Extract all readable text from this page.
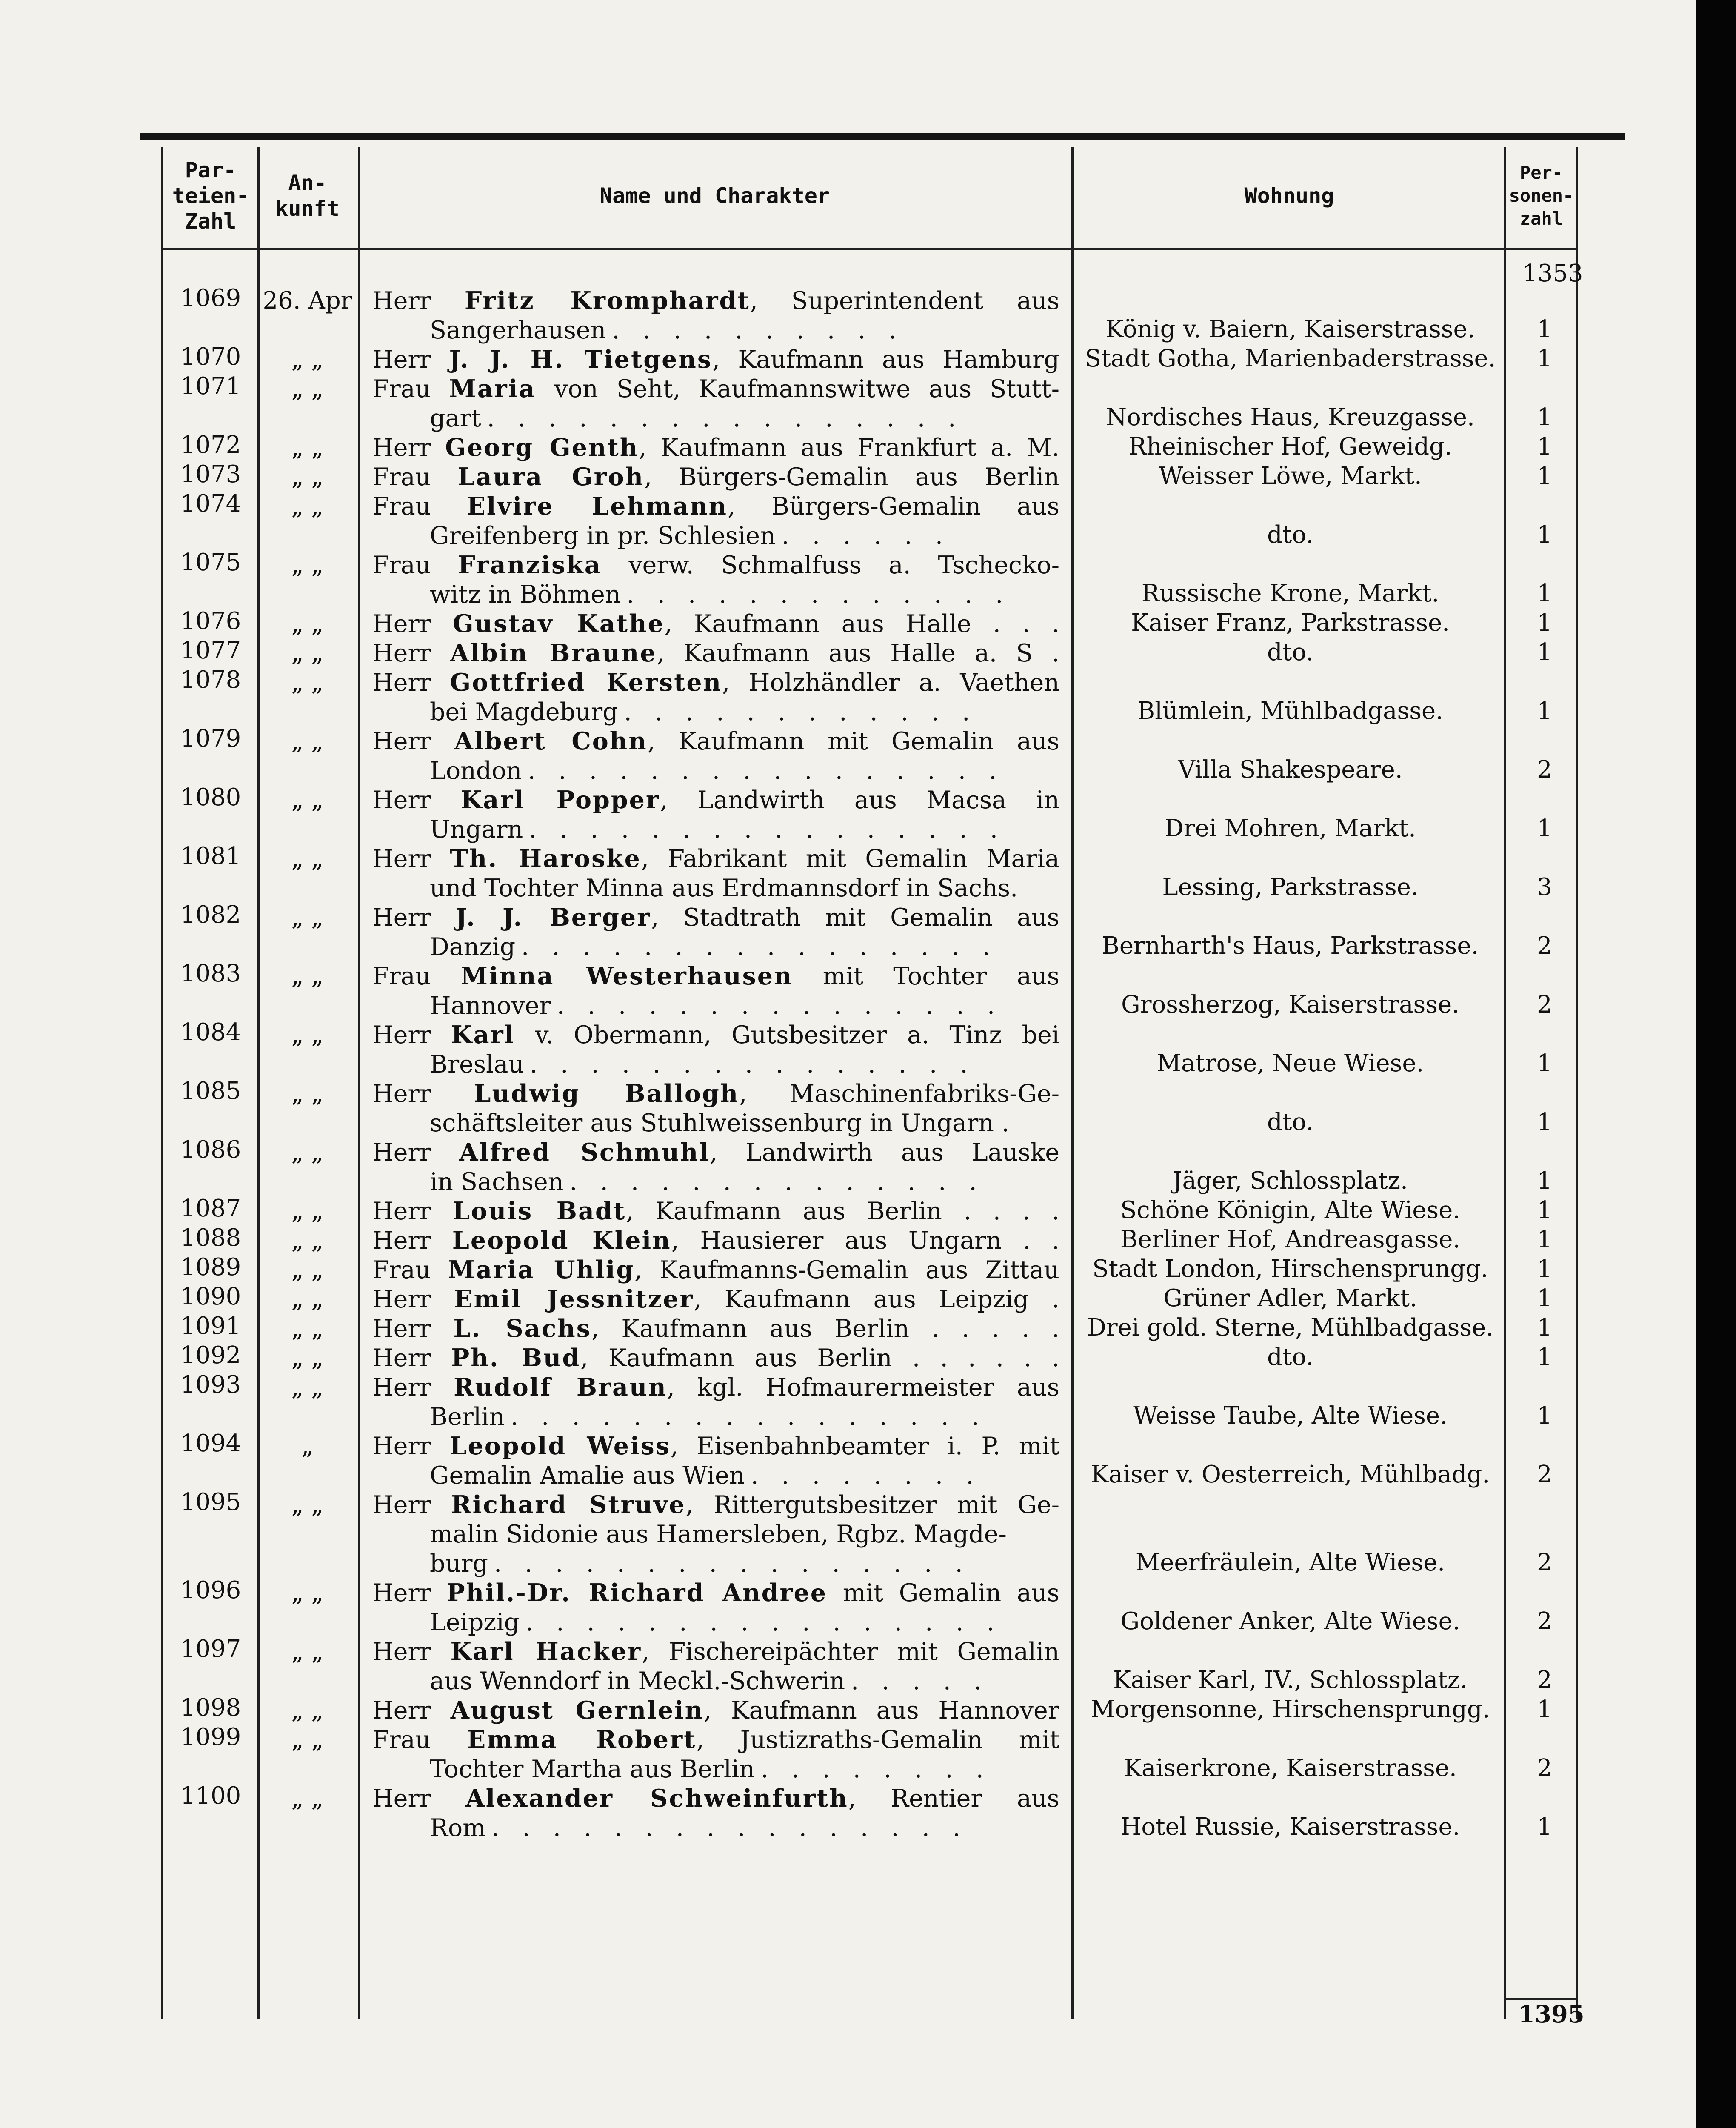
Par-
teien-
Zahl
An-
kunft
Name und Charakter	Wohnung
Per-
sonen-
zahl
1353
1395
1069 26. Apr Herr Fritz Kromphardt, Superintendent aus
Sangerhausen . . . . . . . . . .	König v. Baiern, Kaiserstrasse.	1
1070	„ „	Herr J. J. H. Tietgens, Kaufmann aus Hamburg	Stadt Gotha, Marienbaderstrasse.	1
1071	„ „	Frau Maria von Seht, Kaufmannswitwe aus Stutt-
gart . . . . . . . . . . . . . . . .	Nordisches Haus, Kreuzgasse.	1
1072	„ „	Herr Georg Genth, Kaufmann aus Frankfurt a. M.	Rheinischer Hof, Geweidg.	1
1073	„ „	Frau Laura Groh, Bürgers-Gemalin aus Berlin	Weisser Löwe, Markt.	1
1074	„ „	Frau Elvire Lehmann, Bürgers-Gemalin aus
Greifenberg in pr. Schlesien . . . . . .	dto.	1
1075	„ „	Frau Franziska verw. Schmalfuss a. Tschecko-
witz in Böhmen . . . . . . . . . . . . .	Russische Krone, Markt.	1
1076	„ „	Herr Gustav Kathe, Kaufmann aus Halle . . .	Kaiser Franz, Parkstrasse.	1
1077	„ „	Herr Albin Braune, Kaufmann aus Halle a. S .	dto.	1
1078	„ „	Herr Gottfried Kersten, Holzhändler a. Vaethen
bei Magdeburg . . . . . . . . . . . .	Blümlein, Mühlbadgasse.	1
1079	„ „	Herr Albert Cohn, Kaufmann mit Gemalin aus
London . . . . . . . . . . . . . . . .	Villa Shakespeare.	2
1080	„ „	Herr Karl Popper, Landwirth aus Macsa in
Ungarn . . . . . . . . . . . . . . . .	Drei Mohren, Markt.	1
1081	„ „	Herr Th. Haroske, Fabrikant mit Gemalin Maria
und Tochter Minna aus Erdmannsdorf in Sachs.	Lessing, Parkstrasse.	3
1082	„ „	Herr J. J. Berger, Stadtrath mit Gemalin aus
Danzig . . . . . . . . . . . . . . . .	Bernharth's Haus, Parkstrasse.	2
1083	„ „	Frau Minna Westerhausen mit Tochter aus
Hannover . . . . . . . . . . . . . . .	Grossherzog, Kaiserstrasse.	2
1084	„ „	Herr Karl v. Obermann, Gutsbesitzer a. Tinz bei
Breslau . . . . . . . . . . . . . . .	Matrose, Neue Wiese.	1
1085	„ „	Herr Ludwig Ballogh, Maschinenfabriks-Ge-
schäftsleiter aus Stuhlweissenburg in Ungarn .	dto.	1
1086	„ „	Herr Alfred Schmuhl, Landwirth aus Lauske
in Sachsen . . . . . . . . . . . . . .	Jäger, Schlossplatz.	1
1087	„ „	Herr Louis Badt, Kaufmann aus Berlin . . . .	Schöne Königin, Alte Wiese.	1
1088	„ „	Herr Leopold Klein, Hausierer aus Ungarn . .	Berliner Hof, Andreasgasse.	1
1089	„ „	Frau Maria Uhlig, Kaufmanns-Gemalin aus Zittau	Stadt London, Hirschensprungg.	1
1090	„ „	Herr Emil Jessnitzer, Kaufmann aus Leipzig .	Grüner Adler, Markt.	1
1091	„ „	Herr L. Sachs, Kaufmann aus Berlin . . . . .	Drei gold. Sterne, Mühlbadgasse.	1
1092	„ „	Herr Ph. Bud, Kaufmann aus Berlin . . . . . .	dto.	1
1093	„ „	Herr Rudolf Braun, kgl. Hofmaurermeister aus
Berlin . . . . . . . . . . . . . . . .	Weisse Taube, Alte Wiese.	1
1094	„	Herr Leopold Weiss, Eisenbahnbeamter i. P. mit
Gemalin Amalie aus Wien . . . . . . . .	Kaiser v. Oesterreich, Mühlbadg.	2
1095	„ „	Herr Richard Struve, Rittergutsbesitzer mit Ge-
malin Sidonie aus Hamersleben, Rgbz. Magde-
burg . . . . . . . . . . . . . . . .	Meerfräulein, Alte Wiese.	2
1096	„ „	Herr Phil.-Dr. Richard Andree mit Gemalin aus
Leipzig . . . . . . . . . . . . . . . .	Goldener Anker, Alte Wiese.	2
1097	„ „	Herr Karl Hacker, Fischereipächter mit Gemalin
aus Wenndorf in Meckl.-Schwerin . . . . .	Kaiser Karl, IV., Schlossplatz.	2
1098	„ „	Herr August Gernlein, Kaufmann aus Hannover	Morgensonne, Hirschensprungg.	1
1099	„ „	Frau Emma Robert, Justizraths-Gemalin mit
Tochter Martha aus Berlin . . . . . . . .	Kaiserkrone, Kaiserstrasse.	2
1100	„ „	Herr Alexander Schweinfurth, Rentier aus
Rom . . . . . . . . . . . . . . . .	Hotel Russie, Kaiserstrasse.	1
